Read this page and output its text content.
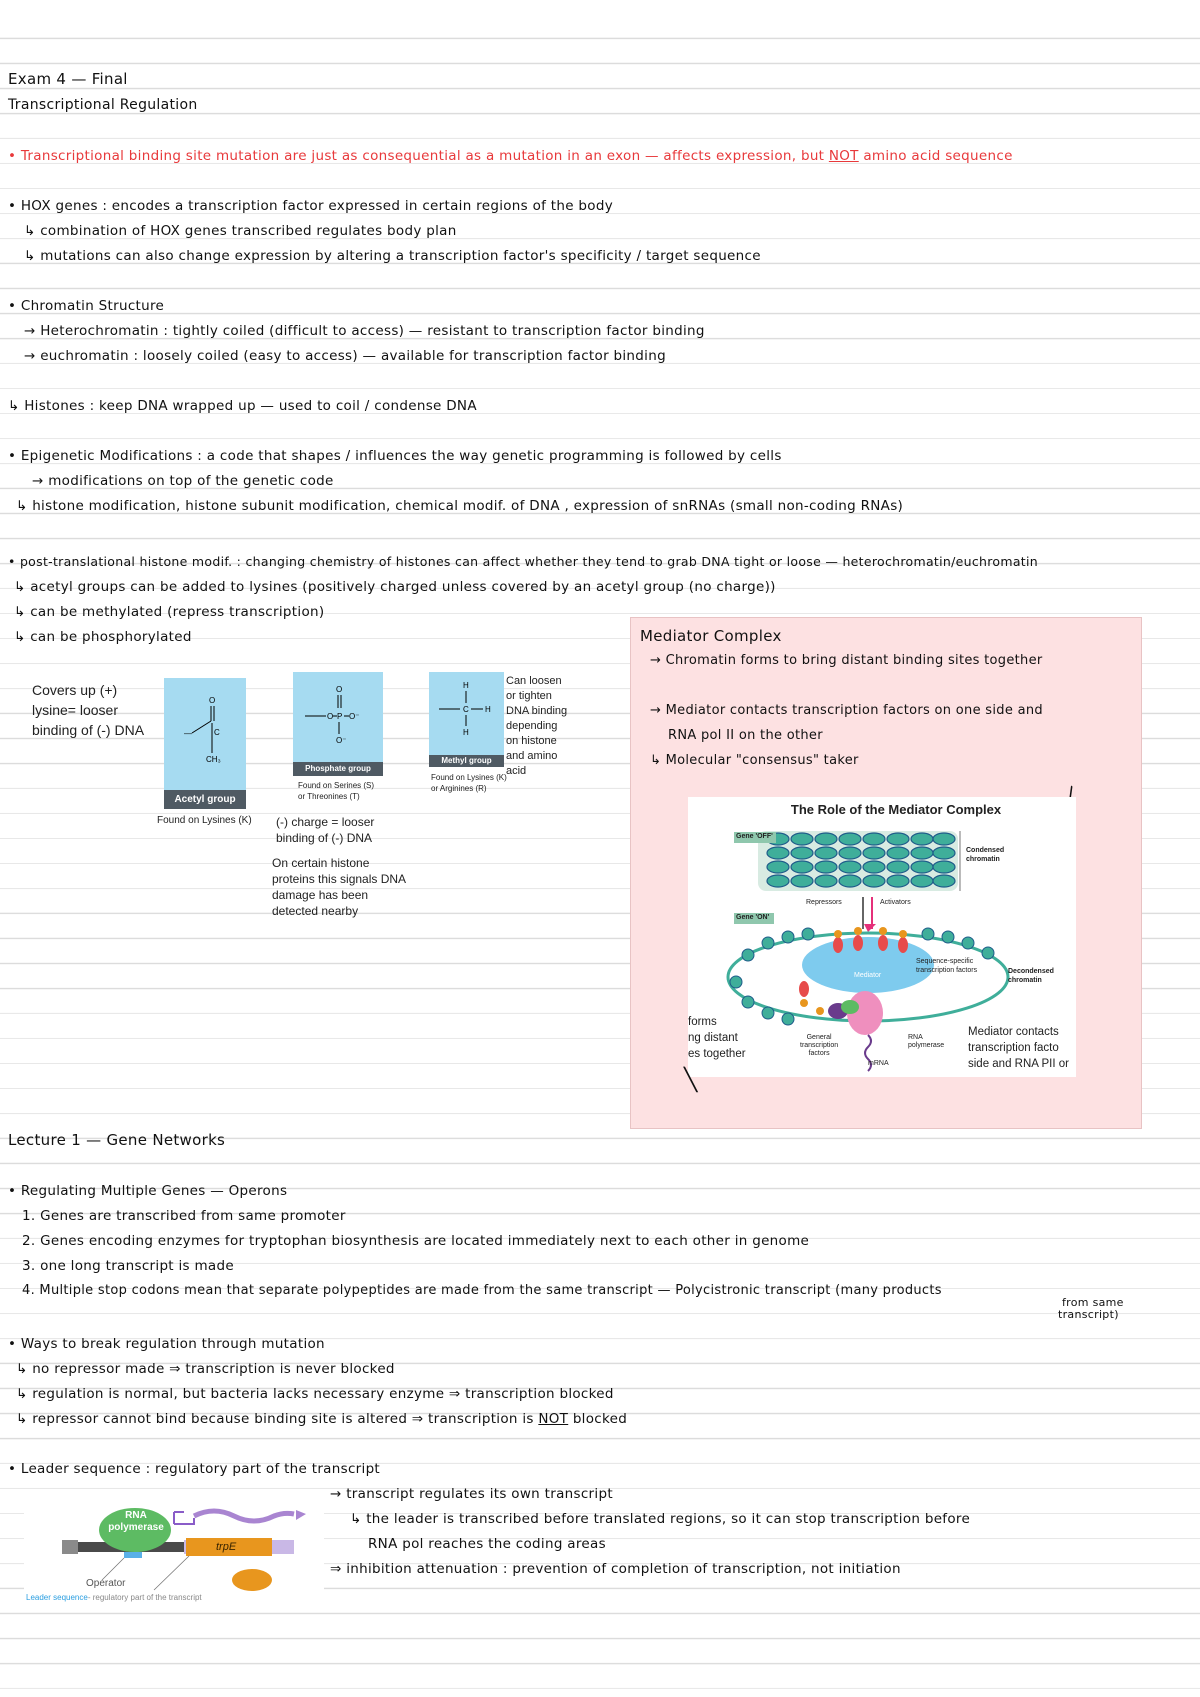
Exam 4 — Final
Transcriptional Regulation
• Transcriptional binding site mutation are just as consequential as a mutation in an exon — affects expression, but NOT amino acid sequence
• HOX genes : encodes a transcription factor expressed in certain regions of the body
↳ combination of HOX genes transcribed regulates body plan
↳ mutations can also change expression by altering a transcription factor's specificity / target sequence
• Chromatin Structure
→ Heterochromatin : tightly coiled (difficult to access) — resistant to transcription factor binding
→ euchromatin : loosely coiled (easy to access) — available for transcription factor binding
↳ Histones : keep DNA wrapped up — used to coil / condense DNA
• Epigenetic Modifications : a code that shapes / influences the way genetic programming is followed by cells
→ modifications on top of the genetic code
↳ histone modification, histone subunit modification, chemical modif. of DNA , expression of snRNAs (small non-coding RNAs)
• post-translational histone modif. : changing chemistry of histones can affect whether they tend to grab DNA tight or loose — heterochromatin/euchromatin
↳ acetyl groups can be added to lysines (positively charged unless covered by an acetyl group (no charge))
↳ can be methylated (repress transcription)
↳ can be phosphorylated
Covers up (+)
lysine= looser
binding of (-) DNA
O
—
CH₃
C
Acetyl group
Found on Lysines (K)
O
O P O⁻
O⁻
Phosphate group
Found on Serines (S)
or Threonines (T)
(-) charge = looser
binding of (-) DNA
On certain histone
proteins this signals DNA
damage has been
detected nearby
H
C H
H
Methyl group
Found on Lysines (K)
or Arginines (R)
Can loosen
or tighten
DNA binding
depending
on histone
and amino
acid
Mediator Complex
→ Chromatin forms to bring distant binding sites together
→ Mediator contacts transcription factors on one side and
RNA pol II on the other
↳ Molecular "consensus" taker
The Role of the Mediator Complex
Gene 'OFF'
Gene 'ON'
Condensed
chromatin
Repressors	Activators
Sequence-specific
transcription factors	Decondensed
chromatin
Mediator
General
transcription
factors
RNA
polymerase
mRNA
forms
ng distant
es together
Mediator contacts
transcription facto
side and RNA PII or
╲
Lecture 1 — Gene Networks
• Regulating Multiple Genes — Operons
1. Genes are transcribed from same promoter
2. Genes encoding enzymes for tryptophan biosynthesis are located immediately next to each other in genome
3. one long transcript is made
4. Multiple stop codons mean that separate polypeptides are made from the same transcript — Polycistronic transcript (many products
from same
transcript)
• Ways to break regulation through mutation
↳ no repressor made ⇒ transcription is never blocked
↳ regulation is normal, but bacteria lacks necessary enzyme ⇒ transcription blocked
↳ repressor cannot bind because binding site is altered ⇒ transcription is NOT blocked
• Leader sequence : regulatory part of the transcript
→ transcript regulates its own transcript
↳ the leader is transcribed before translated regions, so it can stop transcription before
RNA pol reaches the coding areas
⇒ inhibition attenuation : prevention of completion of transcription, not initiation
RNA
polymerase
trpE
Operator
Leader sequence- regulatory part of the transcript
